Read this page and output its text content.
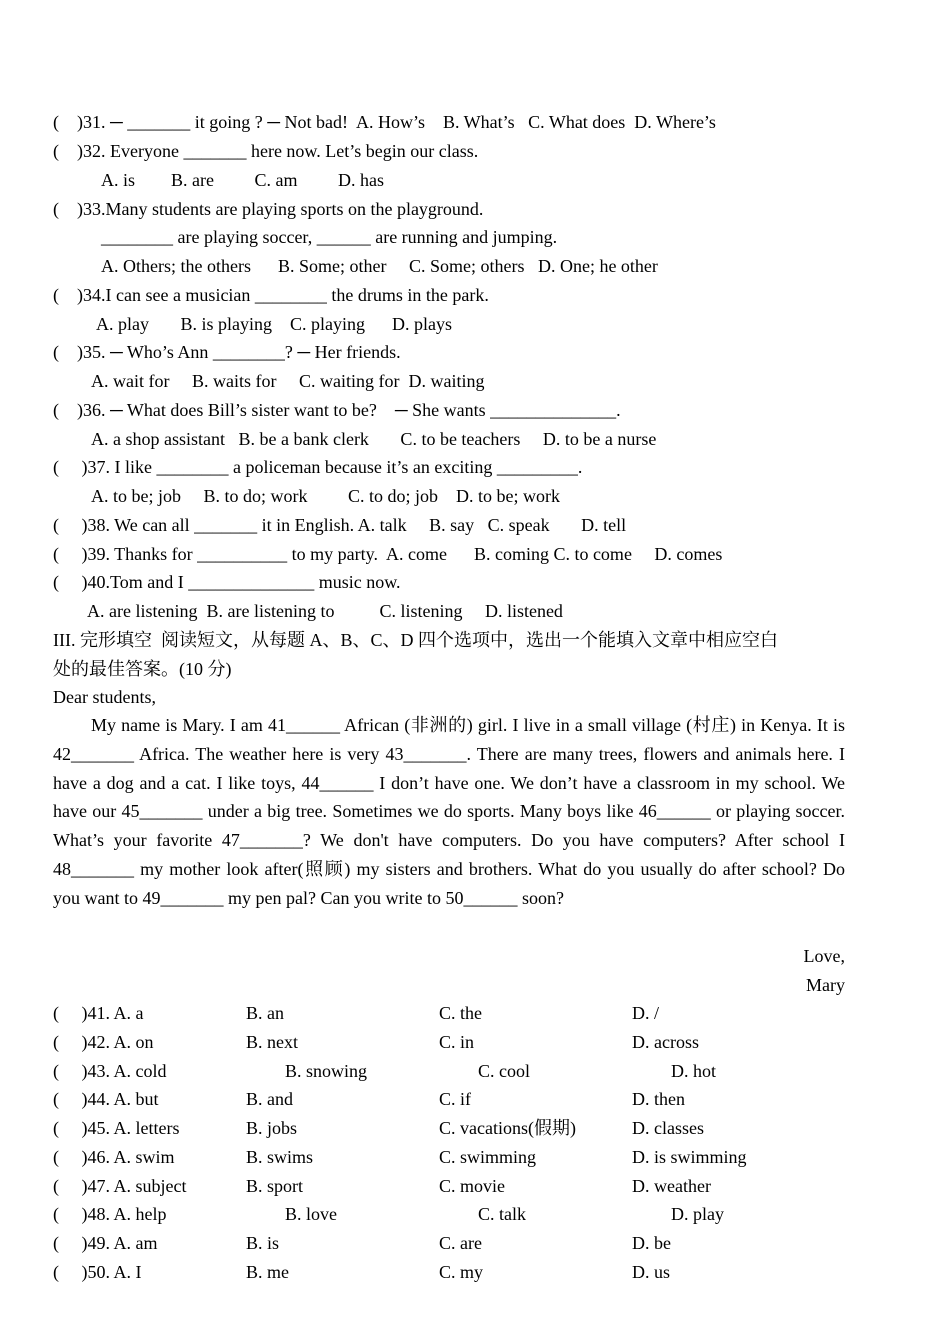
(    )31. ─ _______ it going ? ─ Not bad!  A. How’s    B. What’s   C. What does  D. Where’s
(    )32. Everyone _______ here now. Let’s begin our class.
A. is        B. are         C. am         D. has
(    )33.Many students are playing sports on the playground.
________ are playing soccer, ______ are running and jumping.
A. Others; the others      B. Some; other     C. Some; others   D. One; he other
(    )34.I can see a musician ________ the drums in the park.
A. play       B. is playing    C. playing      D. plays
(    )35. ─ Who’s Ann ________? ─ Her friends.
A. wait for     B. waits for     C. waiting for  D. waiting
(    )36. ─ What does Bill’s sister want to be?    ─ She wants ______________.
A. a shop assistant   B. be a bank clerk       C. to be teachers     D. to be a nurse
(     )37. I like ________ a policeman because it’s an exciting _________.
A. to be; job     B. to do; work         C. to do; job    D. to be; work
(     )38. We can all _______ it in English. A. talk     B. say   C. speak       D. tell
(     )39. Thanks for __________ to my party.  A. come      B. coming C. to come     D. comes
(     )40.Tom and I ______________ music now.
A. are listening  B. are listening to          C. listening     D. listened
III. 完形填空  阅读短文，从每题 A、B、C、D 四个选项中，选出一个能填入文章中相应空白
处的最佳答案。(10 分)
Dear students,
My name is Mary. I am 41______ African (非洲的) girl. I live in a small village (村庄) in Kenya. It is 42_______ Africa. The weather here is very 43_______. There are many trees, flowers and animals here. I have a dog and a cat. I like toys, 44______ I don’t have one. We don’t have a classroom in my school. We have our 45_______ under a big tree. Sometimes we do sports. Many boys like 46______ or playing soccer. What’s your favorite 47_______? We don't have computers. Do you have computers? After school I 48_______ my mother look after(照顾) my sisters and brothers. What do you usually do after school? Do you want to 49_______ my pen pal? Can you write to 50______ soon?
Love,
Mary
(     )41. A. a	B. an	C. the	D. /
(     )42. A. on	B. next	C. in	D. across
(     )43. A. cold	B. snowing	C. cool	D. hot
(     )44. A. but	B. and	C. if	D. then
(     )45. A. letters	B. jobs	C. vacations(假期)	D. classes
(     )46. A. swim	B. swims	C. swimming	D. is swimming
(     )47. A. subject	B. sport	C. movie	D. weather
(     )48. A. help	B. love	C. talk	D. play
(     )49. A. am	B. is	C. are	D. be
(     )50. A. I	B. me	C. my	D. us
